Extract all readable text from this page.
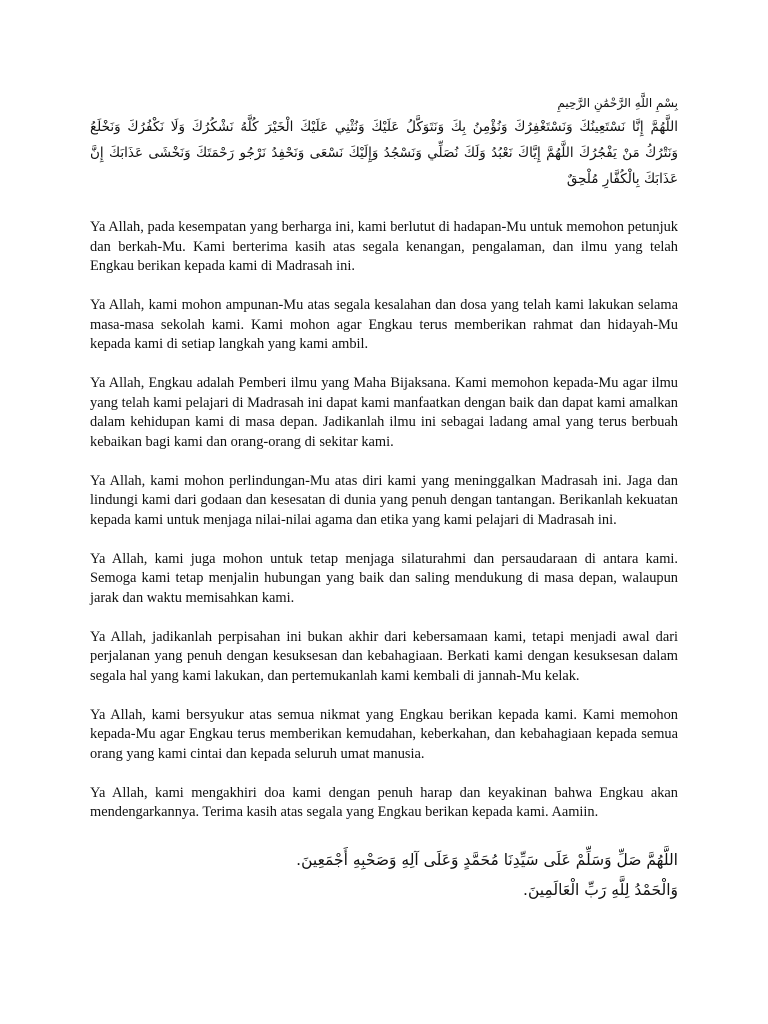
بِسْمِ اللَّهِ الرَّحْمَٰنِ الرَّحِيمِ
اللَّهُمَّ إِنَّا نَسْتَعِينُكَ وَنَسْتَغْفِرُكَ وَنُؤْمِنُ بِكَ وَنَتَوَكَّلُ عَلَيْكَ وَنُثْنِي عَلَيْكَ الْخَيْرَ كُلَّهُ نَشْكُرُكَ وَلَا نَكْفُرُكَ وَنَخْلَعُ وَنَتْرُكُ مَنْ يَفْجُرُكَ اللَّهُمَّ إِيَّاكَ نَعْبُدُ وَلَكَ نُصَلِّي وَنَسْجُدُ وَإِلَيْكَ نَسْعَى وَنَحْفِدُ نَرْجُو رَحْمَتَكَ وَنَخْشَى عَذَابَكَ إِنَّ عَذَابَكَ بِالْكُفَّارِ مُلْحِقٌ

Ya Allah, pada kesempatan yang berharga ini, kami berlutut di hadapan-Mu untuk memohon petunjuk dan berkah-Mu. Kami berterima kasih atas segala kenangan, pengalaman, dan ilmu yang telah Engkau berikan kepada kami di Madrasah ini.

Ya Allah, kami mohon ampunan-Mu atas segala kesalahan dan dosa yang telah kami lakukan selama masa-masa sekolah kami. Kami mohon agar Engkau terus memberikan rahmat dan hidayah-Mu kepada kami di setiap langkah yang kami ambil.

Ya Allah, Engkau adalah Pemberi ilmu yang Maha Bijaksana. Kami memohon kepada-Mu agar ilmu yang telah kami pelajari di Madrasah ini dapat kami manfaatkan dengan baik dan dapat kami amalkan dalam kehidupan kami di masa depan. Jadikanlah ilmu ini sebagai ladang amal yang terus berbuah kebaikan bagi kami dan orang-orang di sekitar kami.

Ya Allah, kami mohon perlindungan-Mu atas diri kami yang meninggalkan Madrasah ini. Jaga dan lindungi kami dari godaan dan kesesatan di dunia yang penuh dengan tantangan. Berikanlah kekuatan kepada kami untuk menjaga nilai-nilai agama dan etika yang kami pelajari di Madrasah ini.

Ya Allah, kami juga mohon untuk tetap menjaga silaturahmi dan persaudaraan di antara kami. Semoga kami tetap menjalin hubungan yang baik dan saling mendukung di masa depan, walaupun jarak dan waktu memisahkan kami.

Ya Allah, jadikanlah perpisahan ini bukan akhir dari kebersamaan kami, tetapi menjadi awal dari perjalanan yang penuh dengan kesuksesan dan kebahagiaan. Berkati kami dengan kesuksesan dalam segala hal yang kami lakukan, dan pertemukanlah kami kembali di jannah-Mu kelak.

Ya Allah, kami bersyukur atas semua nikmat yang Engkau berikan kepada kami. Kami memohon kepada-Mu agar Engkau terus memberikan kemudahan, keberkahan, dan kebahagiaan kepada semua orang yang kami cintai dan kepada seluruh umat manusia.

Ya Allah, kami mengakhiri doa kami dengan penuh harap dan keyakinan bahwa Engkau akan mendengarkannya. Terima kasih atas segala yang Engkau berikan kepada kami. Aamiin.

اللَّهُمَّ صَلِّ وَسَلِّمْ عَلَى سَيِّدِنَا مُحَمَّدٍ وَعَلَى آلِهِ وَصَحْبِهِ أَجْمَعِينَ.
وَالْحَمْدُ لِلَّهِ رَبِّ الْعَالَمِينَ.
